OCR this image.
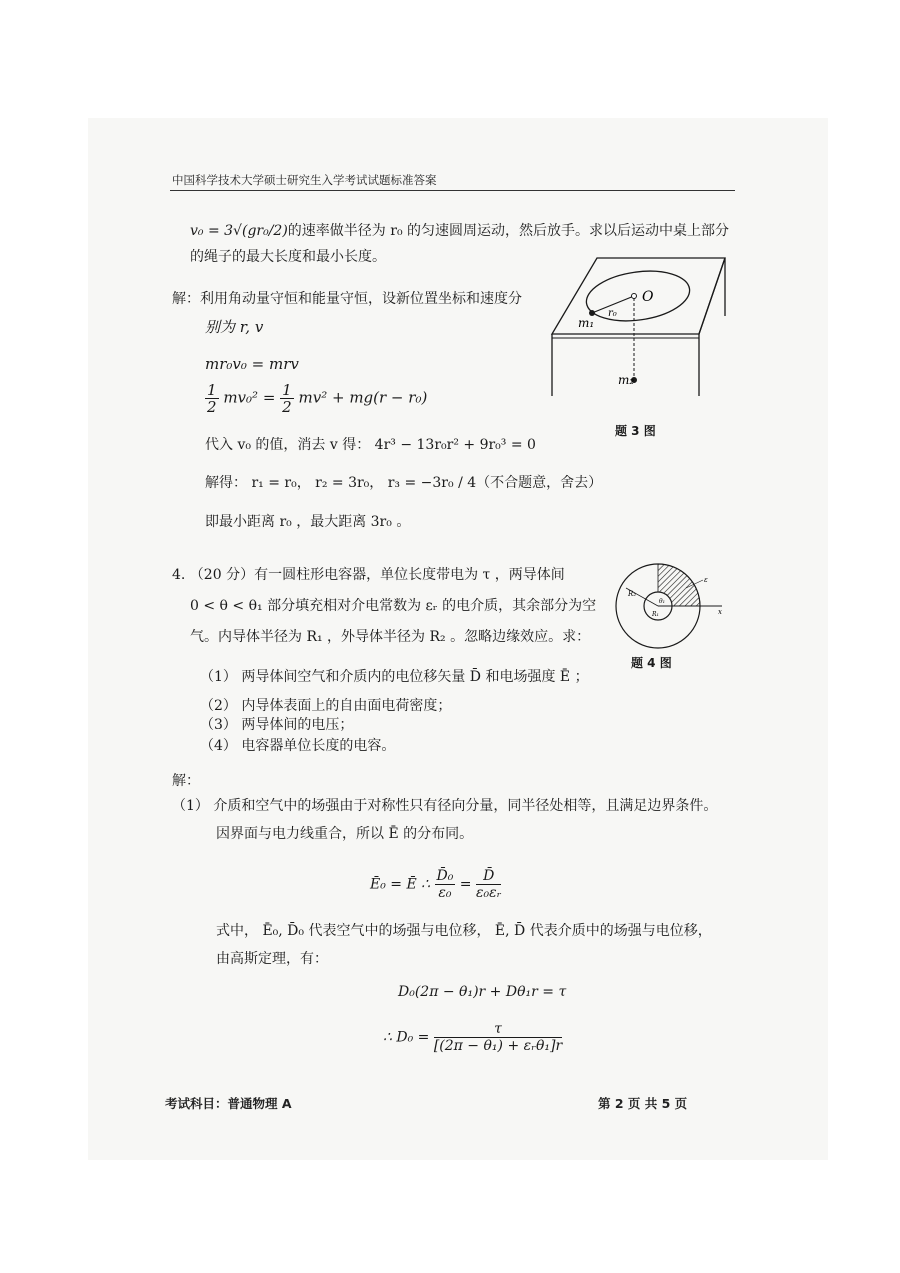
中国科学技术大学硕士研究生入学考试试题标准答案
v₀ = 3√(gr₀/2)的速率做半径为 r₀ 的匀速圆周运动，然后放手。求以后运动中桌上部分
的绳子的最大长度和最小长度。
解：利用角动量守恒和能量守恒，设新位置坐标和速度分
别为 r, v
mr₀v₀ = mrv
$\frac{1}{2} mv_0^2 = \frac{1}{2} mv^2 + mg(r - r_0)$
代入 v₀ 的值，消去 v 得： 4r³ − 13r₀r² + 9r₀³ = 0
解得： r₁ = r₀， r₂ = 3r₀， r₃ = −3r₀ / 4（不合题意，舍去）
即最小距离 r₀ ，最大距离 3r₀ 。
O
r₀
m₁
m₂
题 3 图
4. （20 分）有一圆柱形电容器，单位长度带电为 τ ，两导体间
0 < θ < θ₁ 部分填充相对介电常数为 εᵣ 的电介质，其余部分为空
气。内导体半径为 R₁ ，外导体半径为 R₂ 。忽略边缘效应。求：
（1） 两导体间空气和介质内的电位移矢量 D̄ 和电场强度 Ē ；
（2） 内导体表面上的自由面电荷密度；
（3） 两导体间的电压；
（4） 电容器单位长度的电容。
R₂
R₁
θ₁
x
ε
题 4 图
解：
（1） 介质和空气中的场强由于对称性只有径向分量，同半径处相等，且满足边界条件。
因界面与电力线重合，所以 Ē 的分布同。
Ē₀ = Ē ∴ $\frac{\text{D̄₀}}{\text{ε₀}} = \frac{D̄}{\text{ε₀εᵣ}}$
式中， Ē₀, D̄₀ 代表空气中的场强与电位移， Ē, D̄ 代表介质中的场强与电位移，
由高斯定理，有：
D₀(2π − θ₁)r + Dθ₁r = τ
∴ $D_0 = \frac{\tau}{\text{[(2π − θ₁) + εᵣθ₁]r}}$
考试科目：普通物理 A	第 2 页 共 5 页
